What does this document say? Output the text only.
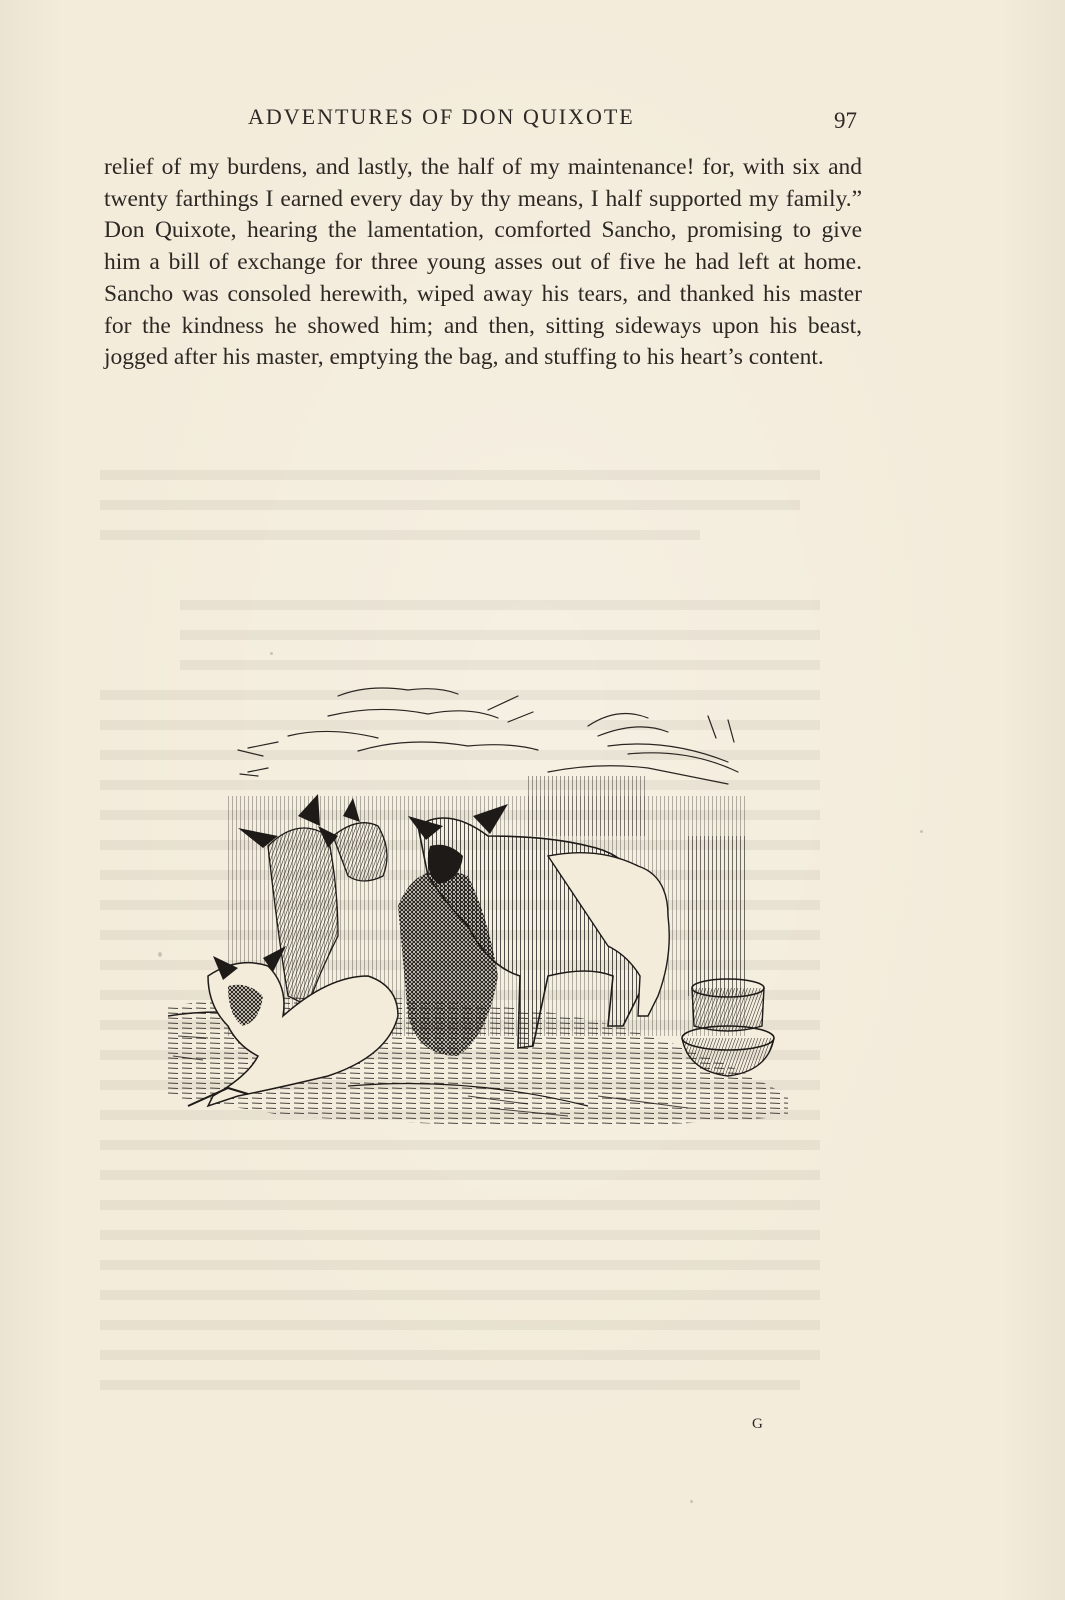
ADVENTURES OF DON QUIXOTE	97

relief of my burdens, and lastly, the half of my maintenance! for, with six and twenty farthings I earned every day by thy means, I half supported my family.” Don Quixote, hearing the lamentation, comforted Sancho, promising to give him a bill of exchange for three young asses out of five he had left at home. Sancho was consoled herewith, wiped away his tears, and thanked his master for the kindness he showed him; and then, sitting sideways upon his beast, jogged after his master, emptying the bag, and stuffing to his heart’s content.

G
